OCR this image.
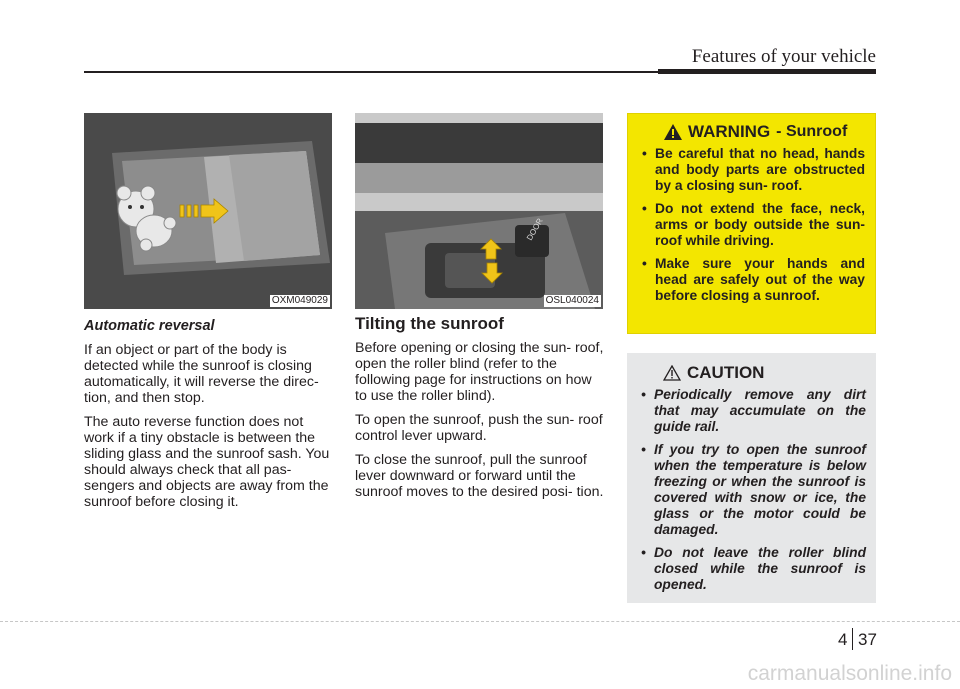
Features of your vehicle
OXM049029
DOOR
OSL040024

Automatic reversal

If an object or part of the body is detected while the sunroof is closing automatically, it will reverse the direc- tion, and then stop.

The auto reverse function does not work if a tiny obstacle is between the sliding glass and the sunroof sash. You should always check that all pas- sengers and objects are away from the sunroof before closing it.

Tilting the sunroof

Before opening or closing the sun- roof, open the roller blind (refer to the following page for instructions on how to use the roller blind).

To open the sunroof, push the sun- roof control lever upward.

To close the sunroof, pull the sunroof lever downward or forward until the sunroof moves to the desired posi- tion.

WARNING - Sunroof
• Be careful that no head, hands and body parts are obstructed by a closing sun- roof.
• Do not extend the face, neck, arms or body outside the sun- roof while driving.
• Make sure your hands and head are safely out of the way before closing a sunroof.
CAUTION
• Periodically remove any dirt that may accumulate on the guide rail.
• If you try to open the sunroof when the temperature is below freezing or when the sunroof is covered with snow or ice, the glass or the motor could be damaged.
• Do not leave the roller blind closed while the sunroof is opened.
4 37
carmanualsonline.info
